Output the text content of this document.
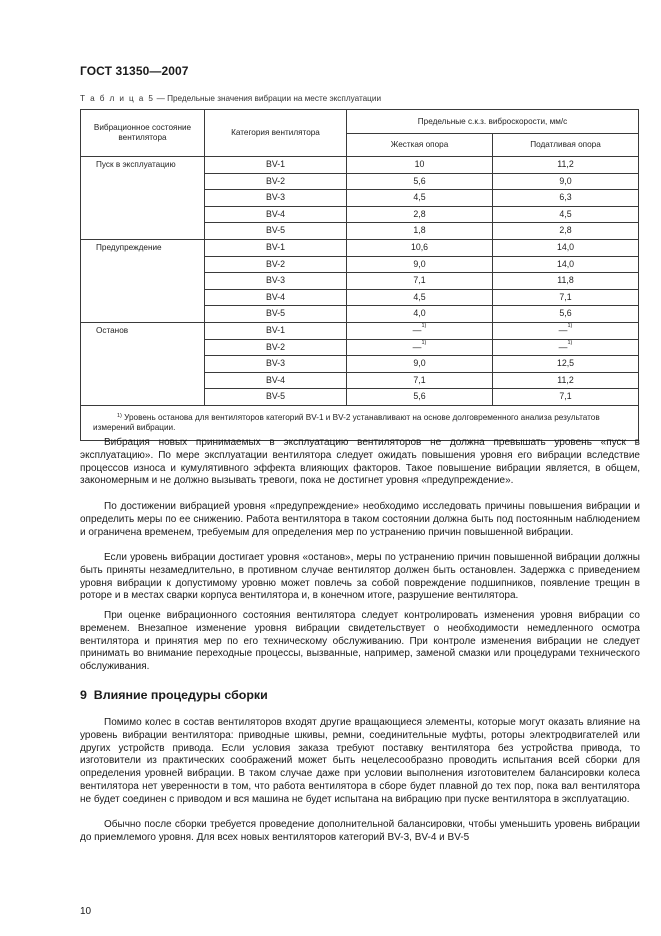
ГОСТ 31350—2007
Т а б л и ц а 5 — Предельные значения вибрации на месте эксплуатации
Вибрационное состояние вентилятора	Категория вентилятора	Предельные с.к.з. виброскорости, мм/с	
		Жесткая опора	Податливая опора
Пуск в эксплуатацию	BV-1	10	11,2
	BV-2	5,6	9,0
	BV-3	4,5	6,3
	BV-4	2,8	4,5
	BV-5	1,8	2,8
Предупреждение	BV-1	10,6	14,0
	BV-2	9,0	14,0
	BV-3	7,1	11,8
	BV-4	4,5	7,1
	BV-5	4,0	5,6
Останов	BV-1	—$^{1)}$	—$^{1)}$
	BV-2	—$^{1)}$	—$^{1)}$
	BV-3	9,0	12,5
	BV-4	7,1	11,2
	BV-5	5,6	7,1
$^{1)}$ Уровень останова для вентиляторов категорий BV-1 и BV-2 устанавливают на основе долговременного анализа результатов измерений вибрации.			

Вибрация новых принимаемых в эксплуатацию вентиляторов не должна превышать уровень «пуск в эксплуатацию». По мере эксплуатации вентилятора следует ожидать повышения уровня его вибрации вследствие процессов износа и кумулятивного эффекта влияющих факторов. Такое повышение вибрации является, в общем, закономерным и не должно вызывать тревоги, пока не достигнет уровня «предупреждение».

По достижении вибрацией уровня «предупреждение» необходимо исследовать причины повышения вибрации и определить меры по ее снижению. Работа вентилятора в таком состоянии должна быть под постоянным наблюдением и ограничена временем, требуемым для определения мер по устранению причин повышенной вибрации.

Если уровень вибрации достигает уровня «останов», меры по устранению причин повышенной вибрации должны быть приняты незамедлительно, в противном случае вентилятор должен быть остановлен. Задержка с приведением уровня вибрации к допустимому уровню может повлечь за собой повреждение подшипников, появление трещин в роторе и в местах сварки корпуса вентилятора и, в конечном итоге, разрушение вентилятора.

При оценке вибрационного состояния вентилятора следует контролировать изменения уровня вибрации со временем. Внезапное изменение уровня вибрации свидетельствует о необходимости немедленного осмотра вентилятора и принятия мер по его техническому обслуживанию. При контроле изменения вибрации не следует принимать во внимание переходные процессы, вызванные, например, заменой смазки или процедурами технического обслуживания.

9 Влияние процедуры сборки

Помимо колес в состав вентиляторов входят другие вращающиеся элементы, которые могут оказать влияние на уровень вибрации вентилятора: приводные шкивы, ремни, соединительные муфты, роторы электродвигателей или других устройств привода. Если условия заказа требуют поставку вентилятора без устройства привода, то изготовители из практических соображений может быть нецелесообразно проводить испытания всей сборки для определения уровней вибрации. В таком случае даже при условии выполнения изготовителем балансировки колеса вентилятора нет уверенности в том, что работа вентилятора в сборе будет плавной до тех пор, пока вал вентилятора не будет соединен с приводом и вся машина не будет испытана на вибрацию при пуске вентилятора в эксплуатацию.

Обычно после сборки требуется проведение дополнительной балансировки, чтобы уменьшить уровень вибрации до приемлемого уровня. Для всех новых вентиляторов категорий BV-3, BV-4 и BV-5

10
